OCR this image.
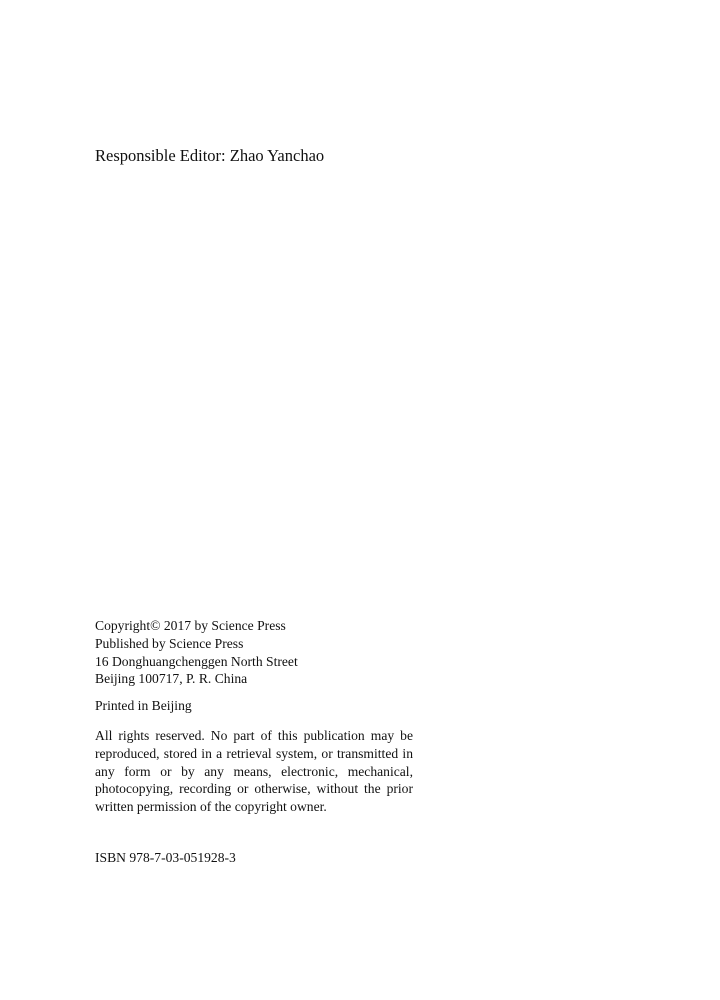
Responsible Editor: Zhao Yanchao
Copyright© 2017 by Science Press
Published by Science Press
16 Donghuangchenggen North Street
Beijing 100717, P. R. China
Printed in Beijing

All rights reserved. No part of this publication may be reproduced, stored in a retrieval system, or transmitted in any form or by any means, electronic, mechanical, photocopying, recording or otherwise, without the prior written permission of the copyright owner.

ISBN 978-7-03-051928-3
